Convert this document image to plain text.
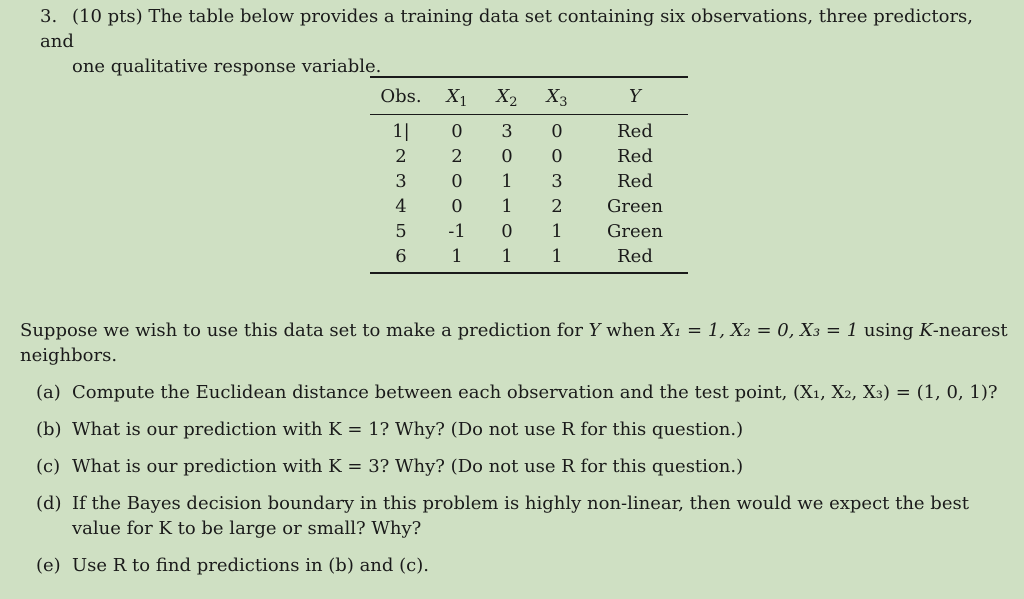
3. (10 pts) The table below provides a training data set containing six observations, three predictors, and
one qualitative response variable.
Obs.	$X_1$	$X_2$	$X_3$	Y
1|	0	3	0	Red
2	2	0	0	Red
3	0	1	3	Red
4	0	1	2	Green
5	-1	0	1	Green
6	1	1	1	Red
Suppose we wish to use this data set to make a prediction for Y when X₁ = 1, X₂ = 0, X₃ = 1 using K-nearest
neighbors.
(a) Compute the Euclidean distance between each observation and the test point, (X₁, X₂, X₃) = (1, 0, 1)?
(b) What is our prediction with K = 1? Why? (Do not use R for this question.)
(c) What is our prediction with K = 3? Why? (Do not use R for this question.)
(d) If the Bayes decision boundary in this problem is highly non-linear, then would we expect the best value for K to be large or small? Why?
(e) Use R to find predictions in (b) and (c).
